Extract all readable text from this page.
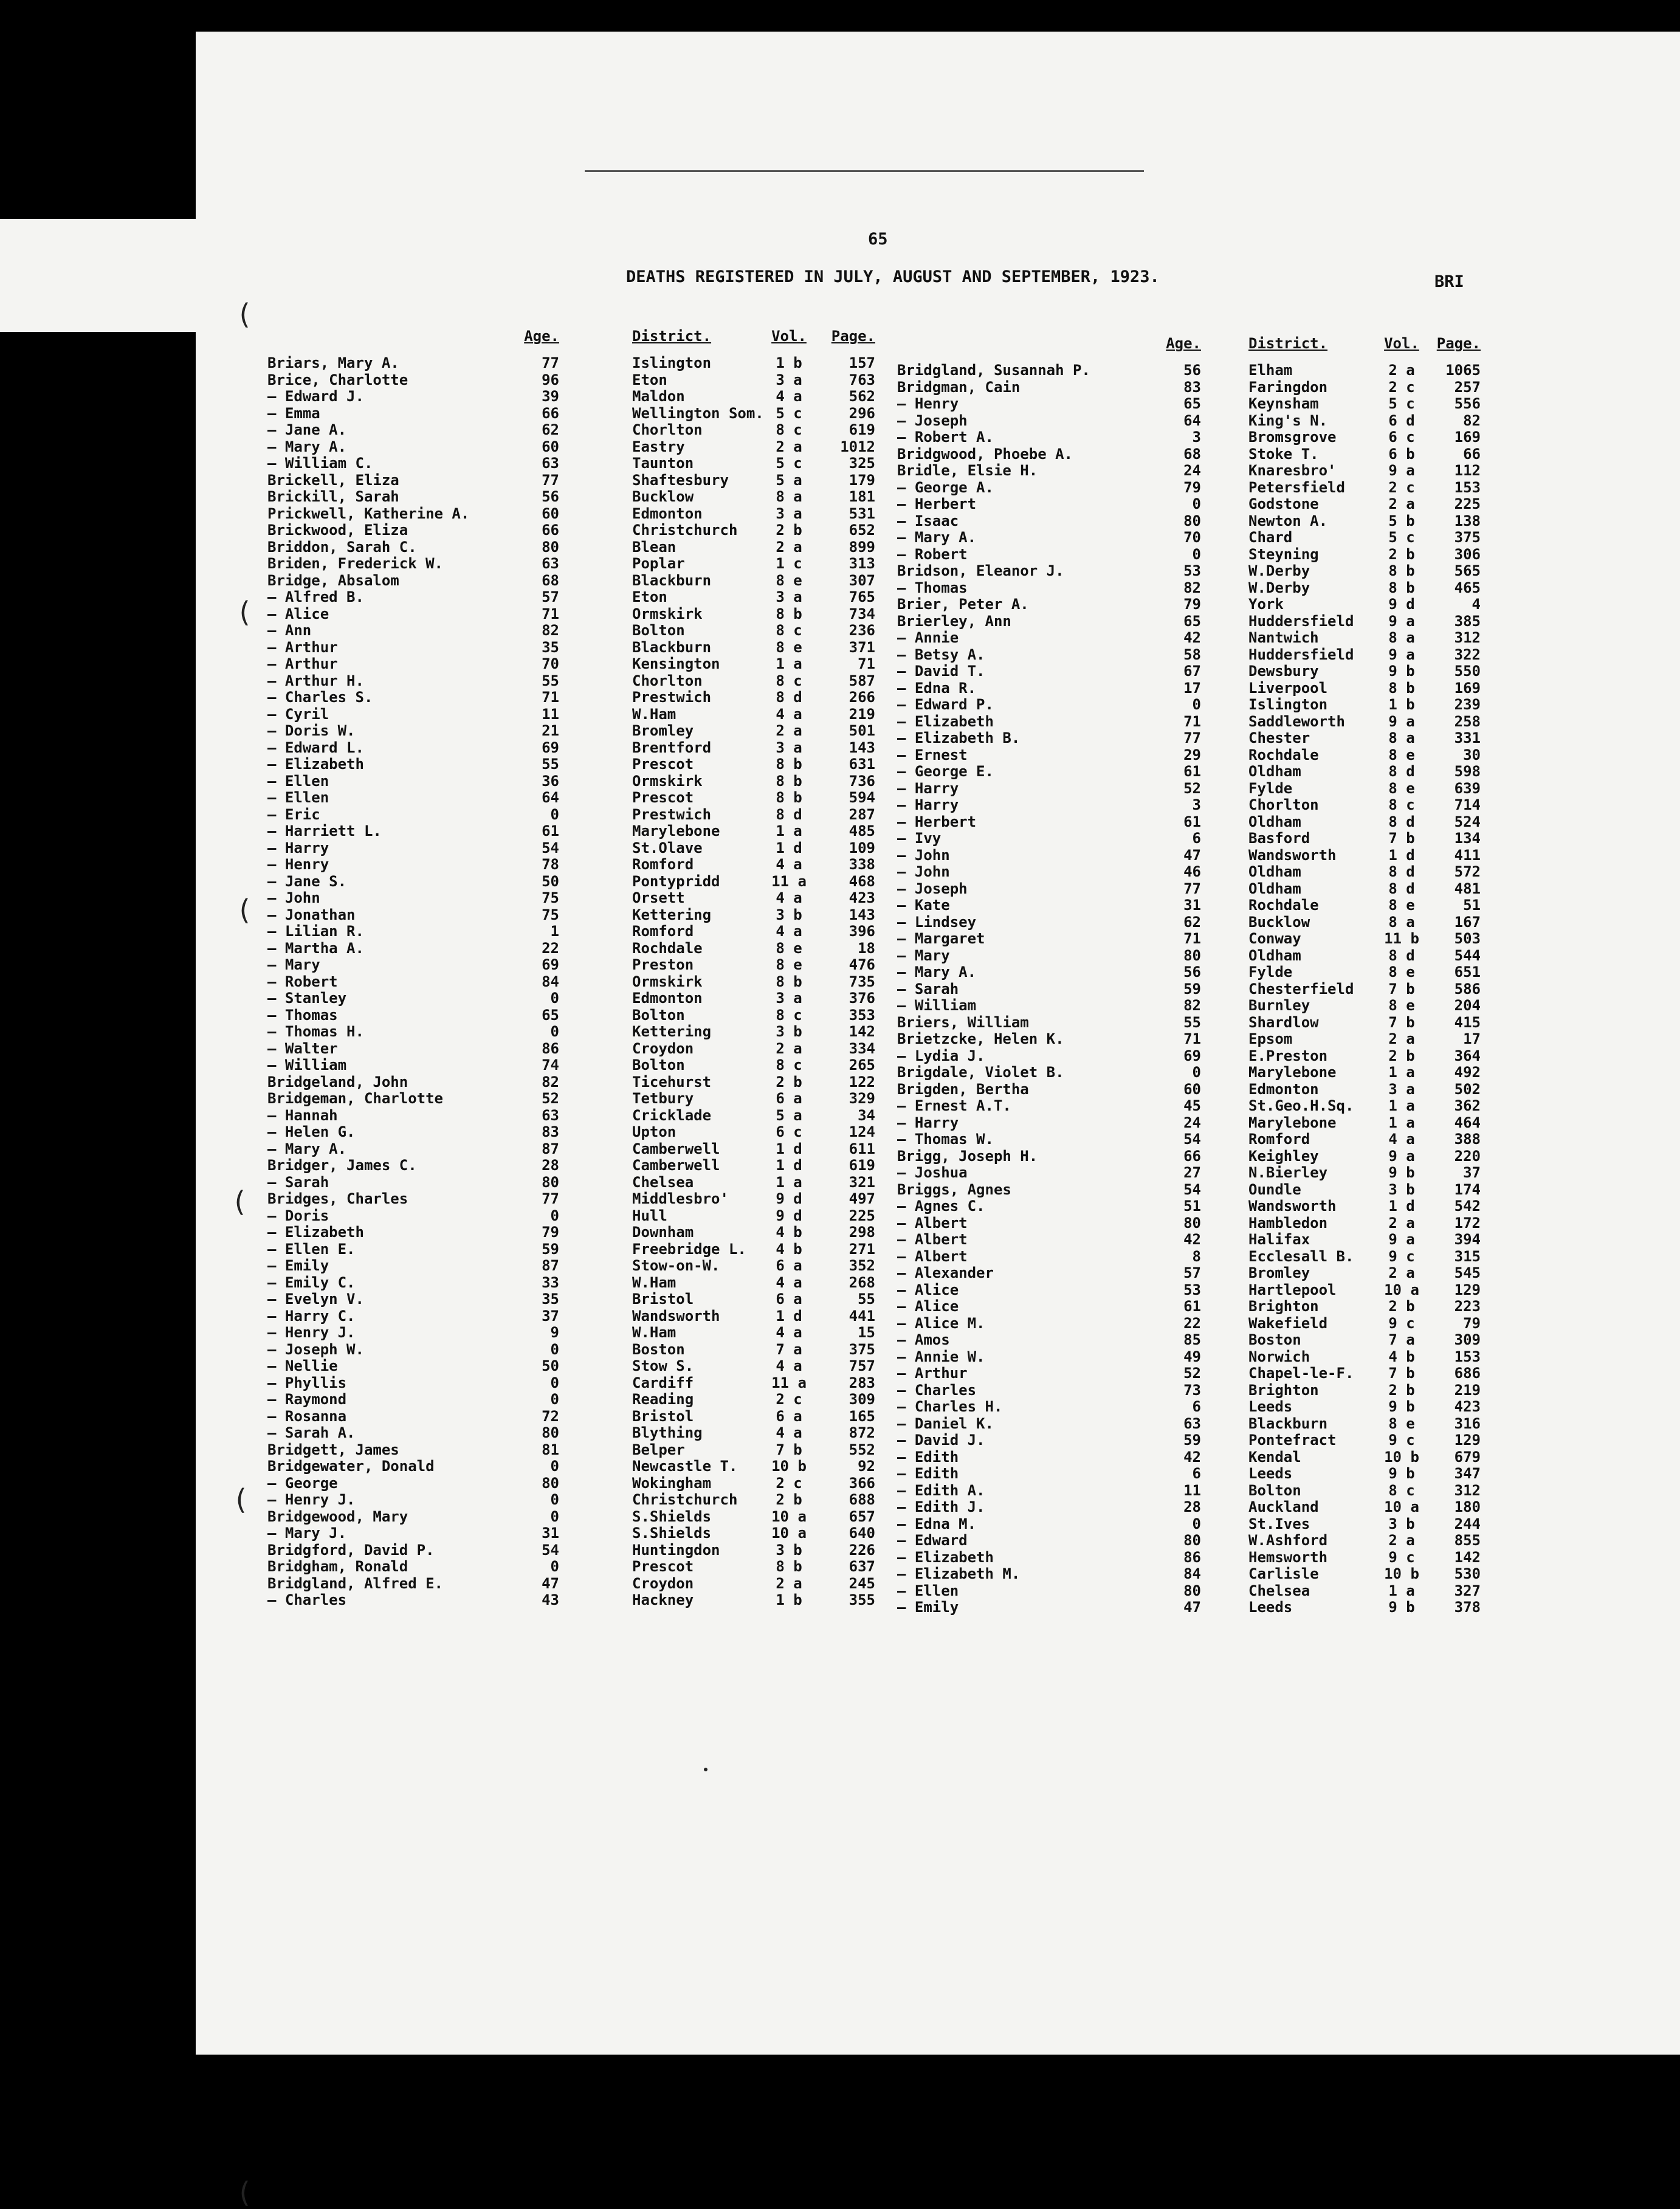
65
DEATHS REGISTERED IN JULY, AUGUST AND SEPTEMBER, 1923.	BRI
(
(
(
(
(
(
Age.	District.	Vol.	Page.
Briars, Mary A.	77	Islington	1 b	157
Brice, Charlotte	96	Eton	3 a	763
— Edward J.	39	Maldon	4 a	562
— Emma	66	Wellington Som. 5 c	296
— Jane A.	62	Chorlton	8 c	619
— Mary A.	60	Eastry	2 a	1012
— William C.	63	Taunton	5 c	325
Brickell, Eliza	77	Shaftesbury	5 a	179
Brickill, Sarah	56	Bucklow	8 a	181
Prickwell, Katherine A.	60	Edmonton	3 a	531
Brickwood, Eliza	66	Christchurch	2 b	652
Briddon, Sarah C.	80	Blean	2 a	899
Briden, Frederick W.	63	Poplar	1 c	313
Bridge, Absalom	68	Blackburn	8 e	307
— Alfred B.	57	Eton	3 a	765
— Alice	71	Ormskirk	8 b	734
— Ann	82	Bolton	8 c	236
— Arthur	35	Blackburn	8 e	371
— Arthur	70	Kensington	1 a	71
— Arthur H.	55	Chorlton	8 c	587
— Charles S.	71	Prestwich	8 d	266
— Cyril	11	W.Ham	4 a	219
— Doris W.	21	Bromley	2 a	501
— Edward L.	69	Brentford	3 a	143
— Elizabeth	55	Prescot	8 b	631
— Ellen	36	Ormskirk	8 b	736
— Ellen	64	Prescot	8 b	594
— Eric	0	Prestwich	8 d	287
— Harriett L.	61	Marylebone	1 a	485
— Harry	54	St.Olave	1 d	109
— Henry	78	Romford	4 a	338
— Jane S.	50	Pontypridd	11 a	468
— John	75	Orsett	4 a	423
— Jonathan	75	Kettering	3 b	143
— Lilian R.	1	Romford	4 a	396
— Martha A.	22	Rochdale	8 e	18
— Mary	69	Preston	8 e	476
— Robert	84	Ormskirk	8 b	735
— Stanley	0	Edmonton	3 a	376
— Thomas	65	Bolton	8 c	353
— Thomas H.	0	Kettering	3 b	142
— Walter	86	Croydon	2 a	334
— William	74	Bolton	8 c	265
Bridgeland, John	82	Ticehurst	2 b	122
Bridgeman, Charlotte	52	Tetbury	6 a	329
— Hannah	63	Cricklade	5 a	34
— Helen G.	83	Upton	6 c	124
— Mary A.	87	Camberwell	1 d	611
Bridger, James C.	28	Camberwell	1 d	619
— Sarah	80	Chelsea	1 a	321
Bridges, Charles	77	Middlesbro'	9 d	497
— Doris	0	Hull	9 d	225
— Elizabeth	79	Downham	4 b	298
— Ellen E.	59	Freebridge L.	4 b	271
— Emily	87	Stow-on-W.	6 a	352
— Emily C.	33	W.Ham	4 a	268
— Evelyn V.	35	Bristol	6 a	55
— Harry C.	37	Wandsworth	1 d	441
— Henry J.	9	W.Ham	4 a	15
— Joseph W.	0	Boston	7 a	375
— Nellie	50	Stow S.	4 a	757
— Phyllis	0	Cardiff	11 a	283
— Raymond	0	Reading	2 c	309
— Rosanna	72	Bristol	6 a	165
— Sarah A.	80	Blything	4 a	872
Bridgett, James	81	Belper	7 b	552
Bridgewater, Donald	0	Newcastle T. 10 b	92
— George	80	Wokingham	2 c	366
— Henry J.	0	Christchurch	2 b	688
Bridgewood, Mary	0	S.Shields	10 a	657
— Mary J.	31	S.Shields	10 a	640
Bridgford, David P.	54	Huntingdon	3 b	226
Bridgham, Ronald	0	Prescot	8 b	637
Bridgland, Alfred E.	47	Croydon	2 a	245
— Charles	43	Hackney	1 b	355
Age.	District.	Vol.	Page.
Bridgland, Susannah P.	56	Elham	2 a	1065
Bridgman, Cain	83	Faringdon	2 c	257
— Henry	65	Keynsham	5 c	556
— Joseph	64	King's N.	6 d	82
— Robert A.	3	Bromsgrove	6 c	169
Bridgwood, Phoebe A.	68	Stoke T.	6 b	66
Bridle, Elsie H.	24	Knaresbro'	9 a	112
— George A.	79	Petersfield	2 c	153
— Herbert	0	Godstone	2 a	225
— Isaac	80	Newton A.	5 b	138
— Mary A.	70	Chard	5 c	375
— Robert	0	Steyning	2 b	306
Bridson, Eleanor J.	53	W.Derby	8 b	565
— Thomas	82	W.Derby	8 b	465
Brier, Peter A.	79	York	9 d	4
Brierley, Ann	65	Huddersfield	9 a	385
— Annie	42	Nantwich	8 a	312
— Betsy A.	58	Huddersfield	9 a	322
— David T.	67	Dewsbury	9 b	550
— Edna R.	17	Liverpool	8 b	169
— Edward P.	0	Islington	1 b	239
— Elizabeth	71	Saddleworth	9 a	258
— Elizabeth B.	77	Chester	8 a	331
— Ernest	29	Rochdale	8 e	30
— George E.	61	Oldham	8 d	598
— Harry	52	Fylde	8 e	639
— Harry	3	Chorlton	8 c	714
— Herbert	61	Oldham	8 d	524
— Ivy	6	Basford	7 b	134
— John	47	Wandsworth	1 d	411
— John	46	Oldham	8 d	572
— Joseph	77	Oldham	8 d	481
— Kate	31	Rochdale	8 e	51
— Lindsey	62	Bucklow	8 a	167
— Margaret	71	Conway	11 b	503
— Mary	80	Oldham	8 d	544
— Mary A.	56	Fylde	8 e	651
— Sarah	59	Chesterfield	7 b	586
— William	82	Burnley	8 e	204
Briers, William	55	Shardlow	7 b	415
Brietzcke, Helen K.	71	Epsom	2 a	17
— Lydia J.	69	E.Preston	2 b	364
Brigdale, Violet B.	0	Marylebone	1 a	492
Brigden, Bertha	60	Edmonton	3 a	502
— Ernest A.T.	45	St.Geo.H.Sq.	1 a	362
— Harry	24	Marylebone	1 a	464
— Thomas W.	54	Romford	4 a	388
Brigg, Joseph H.	66	Keighley	9 a	220
— Joshua	27	N.Bierley	9 b	37
Briggs, Agnes	54	Oundle	3 b	174
— Agnes C.	51	Wandsworth	1 d	542
— Albert	80	Hambledon	2 a	172
— Albert	42	Halifax	9 a	394
— Albert	8	Ecclesall B.	9 c	315
— Alexander	57	Bromley	2 a	545
— Alice	53	Hartlepool	10 a	129
— Alice	61	Brighton	2 b	223
— Alice M.	22	Wakefield	9 c	79
— Amos	85	Boston	7 a	309
— Annie W.	49	Norwich	4 b	153
— Arthur	52	Chapel-le-F.	7 b	686
— Charles	73	Brighton	2 b	219
— Charles H.	6	Leeds	9 b	423
— Daniel K.	63	Blackburn	8 e	316
— David J.	59	Pontefract	9 c	129
— Edith	42	Kendal	10 b	679
— Edith	6	Leeds	9 b	347
— Edith A.	11	Bolton	8 c	312
— Edith J.	28	Auckland	10 a	180
— Edna M.	0	St.Ives	3 b	244
— Edward	80	W.Ashford	2 a	855
— Elizabeth	86	Hemsworth	9 c	142
— Elizabeth M.	84	Carlisle	10 b	530
— Ellen	80	Chelsea	1 a	327
— Emily	47	Leeds	9 b	378
